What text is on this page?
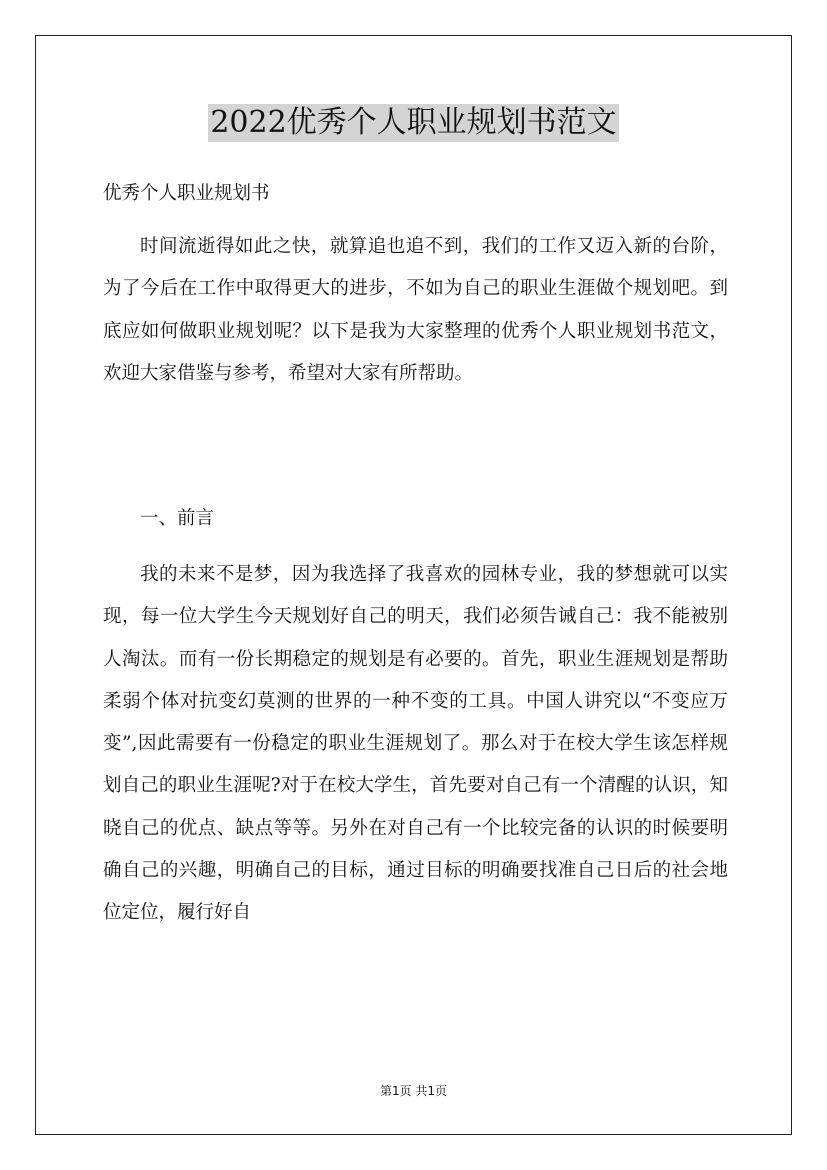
2022优秀个人职业规划书范文
优秀个人职业规划书

时间流逝得如此之快，就算追也追不到，我们的工作又迈入新的台阶，为了今后在工作中取得更大的进步，不如为自己的职业生涯做个规划吧。到底应如何做职业规划呢？以下是我为大家整理的优秀个人职业规划书范文，欢迎大家借鉴与参考，希望对大家有所帮助。

一、前言

我的未来不是梦，因为我选择了我喜欢的园林专业，我的梦想就可以实现，每一位大学生今天规划好自己的明天，我们必须告诫自己：我不能被别人淘汰。而有一份长期稳定的规划是有必要的。首先，职业生涯规划是帮助柔弱个体对抗变幻莫测的世界的一种不变的工具。中国人讲究以“不变应万变”,因此需要有一份稳定的职业生涯规划了。那么对于在校大学生该怎样规划自己的职业生涯呢?对于在校大学生，首先要对自己有一个清醒的认识，知晓自己的优点、缺点等等。另外在对自己有一个比较完备的认识的时候要明确自己的兴趣，明确自己的目标，通过目标的明确要找准自己日后的社会地位定位，履行好自

第1页 共1页
